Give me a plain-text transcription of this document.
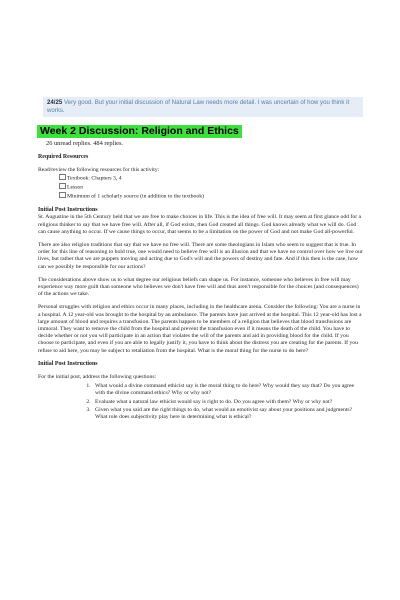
24/25 Very good. But your initial discussion of Natural Law needs more detail. I was uncertain of how you think it works.
Week 2 Discussion: Religion and Ethics
26 unread replies. 484 replies.
Required Resources

Read/review the following resources for this activity:

Textbook: Chapters 3, 4
Lesson
Minimum of 1 scholarly source (in addition to the textbook)
Initial Post Instructions

St. Augustine in the 5th Century held that we are free to make choices in life. This is the idea of free will. It may seem at first glance odd for a religious thinker to say that we have free will. After all, if God exists, then God created all things. God knows already what we will do. God can cause anything to occur. If we cause things to occur, that seems to be a limitation on the power of God and not make God all-powerful.

There are also religion traditions that say that we have no free will. There are some theologians in Islam who seem to suggest that is true. In order for this line of reasoning to hold true, one would need to believe free will is an illusion and that we have no control over how we live our lives, but rather that we are puppets moving and acting due to God's will and the powers of destiny and fate. And if this then is the case, how can we possibly be responsible for our actions?

The considerations above show us to what degree our religious beliefs can shape us. For instance, someone who believes in free will may experience way more guilt than someone who believes we don't have free will and thus aren't responsible for the choices (and consequences) of the actions we take.

Personal struggles with religion and ethics occur in many places, including in the healthcare arena. Consider the following: You are a nurse in a hospital. A 12 year-old was brought to the hospital by an ambulance. The parents have just arrived at the hospital. This 12 year-old has lost a large amount of blood and requires a transfusion. The parents happen to be members of a religion that believes that blood transfusions are immoral. They want to remove the child from the hospital and prevent the transfusion even if it means the death of the child. You have to decide whether or not you will participate in an action that violates the will of the parents and aid in providing blood for the child. If you choose to participate, and even if you are able to legally justify it, you have to think about the distress you are creating for the parents. If you refuse to aid here, you may be subject to retaliation from the hospital. What is the moral thing for the nurse to do here?

Initial Post Instructions

For the initial post, address the following questions:

1. What would a divine command ethicist say is the moral thing to do here? Why would they say that? Do you agree with the divine command ethics? Why or why not?
2. Evaluate what a natural law ethicist would say is right to do. Do you agree with them? Why or why not?
3. Given what you said are the right things to do, what would an emotivist say about your positions and judgments? What role does subjectivity play here in determining what is ethical?
